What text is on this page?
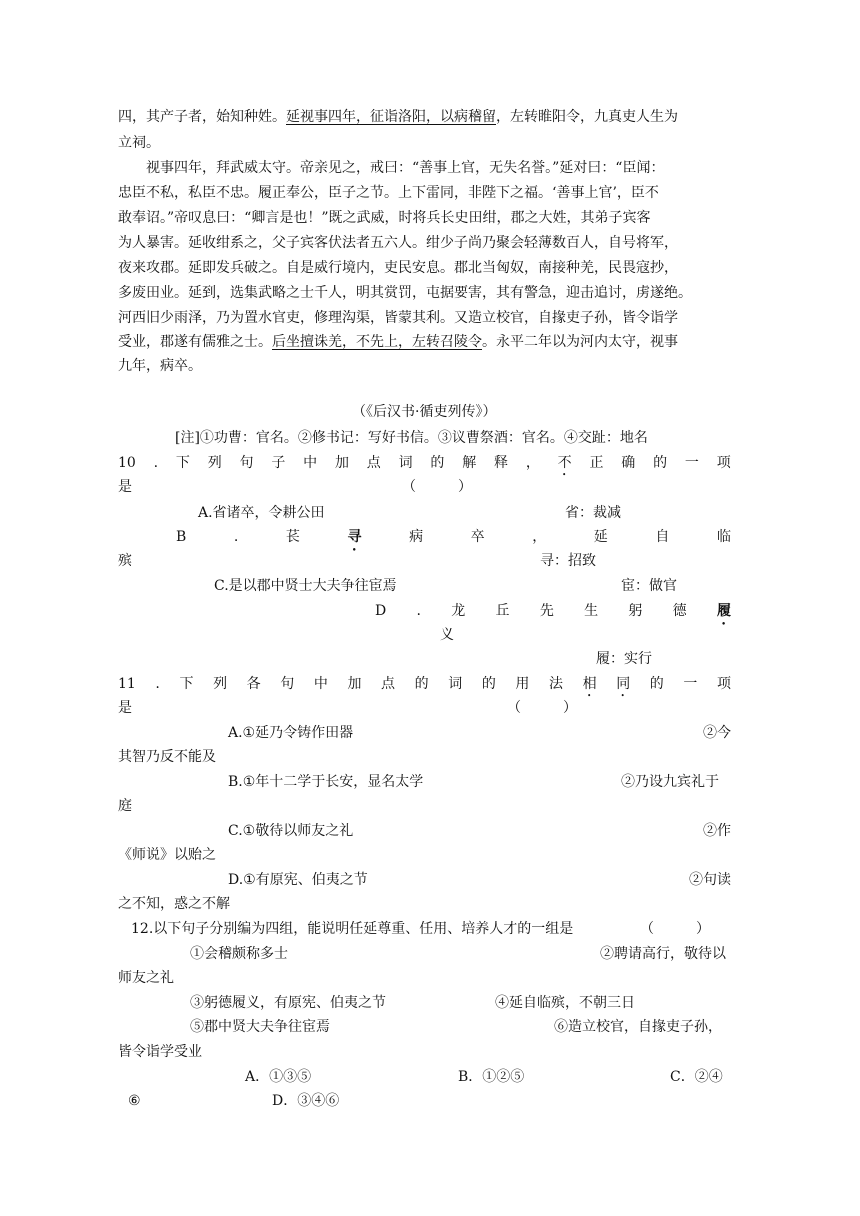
四，其产子者，始知种姓。延视事四年，征诣洛阳，以病稽留，左转睢阳令，九真吏人生为
立祠。
视事四年，拜武威太守。帝亲见之，戒曰：“善事上官，无失名誉。”延对曰：“臣闻：
忠臣不私，私臣不忠。履正奉公，臣子之节。上下雷同，非陛下之福。‘善事上官’，臣不
敢奉诏。”帝叹息曰：“卿言是也！”既之武威，时将兵长史田绀，郡之大姓，其弟子宾客
为人暴害。延收绀系之，父子宾客伏法者五六人。绀少子尚乃聚会轻薄数百人，自号将军，
夜来攻郡。延即发兵破之。自是威行境内，吏民安息。郡北当匈奴，南接种羌，民畏寇抄，
多废田业。延到，选集武略之士千人，明其赏罚，屯据要害，其有警急，迎击追讨，虏遂绝。
河西旧少雨泽，乃为置水官吏，修理沟渠，皆蒙其利。又造立校官，自掾吏子孙，皆令诣学
受业，郡遂有儒雅之士。后坐擅诛羌，不先上，左转召陵令。永平二年以为河内太守，视事
九年，病卒。
（《后汉书·循吏列传》）
[注]①功曹：官名。②修书记：写好书信。③议曹祭酒：官名。④交趾：地名
10 . 下 列 句 子 中 加 点 词 的 解 释 ， 不 正 确 的 一 项
是	（　　　）
A.省诸卒，令耕公田	省：裁减
B	.	苌	寻	病	卒	，	延	自	临
殡	寻：招致
C.是以郡中贤士大夫争往宦焉	宦：做官
D . 龙 丘 先 生 躬 德 履
义
履：实行
11 . 下 列 各 句 中 加 点 的 词 的 用 法 相 同 的 一 项
是	（　　　）
A.①延乃令铸作田器	②今
其智乃反不能及
B.①年十二学于长安，显名太学	②乃设九宾礼于
庭
C.①敬待以师友之礼	②作
《师说》以贻之
D.①有原宪、伯夷之节	②句读
之不知，惑之不解
12.以下句子分别编为四组，能说明任延尊重、任用、培养人才的一组是	（　　　）
①会稽颇称多士	②聘请高行，敬待以
师友之礼
③躬德履义，有原宪、伯夷之节	④延自临殡，不朝三日
⑤郡中贤大夫争往宦焉	⑥造立校官，自掾吏子孙，
皆令诣学受业
A．①③⑤	B．①②⑤	C．②④
⑥	D．③④⑥
